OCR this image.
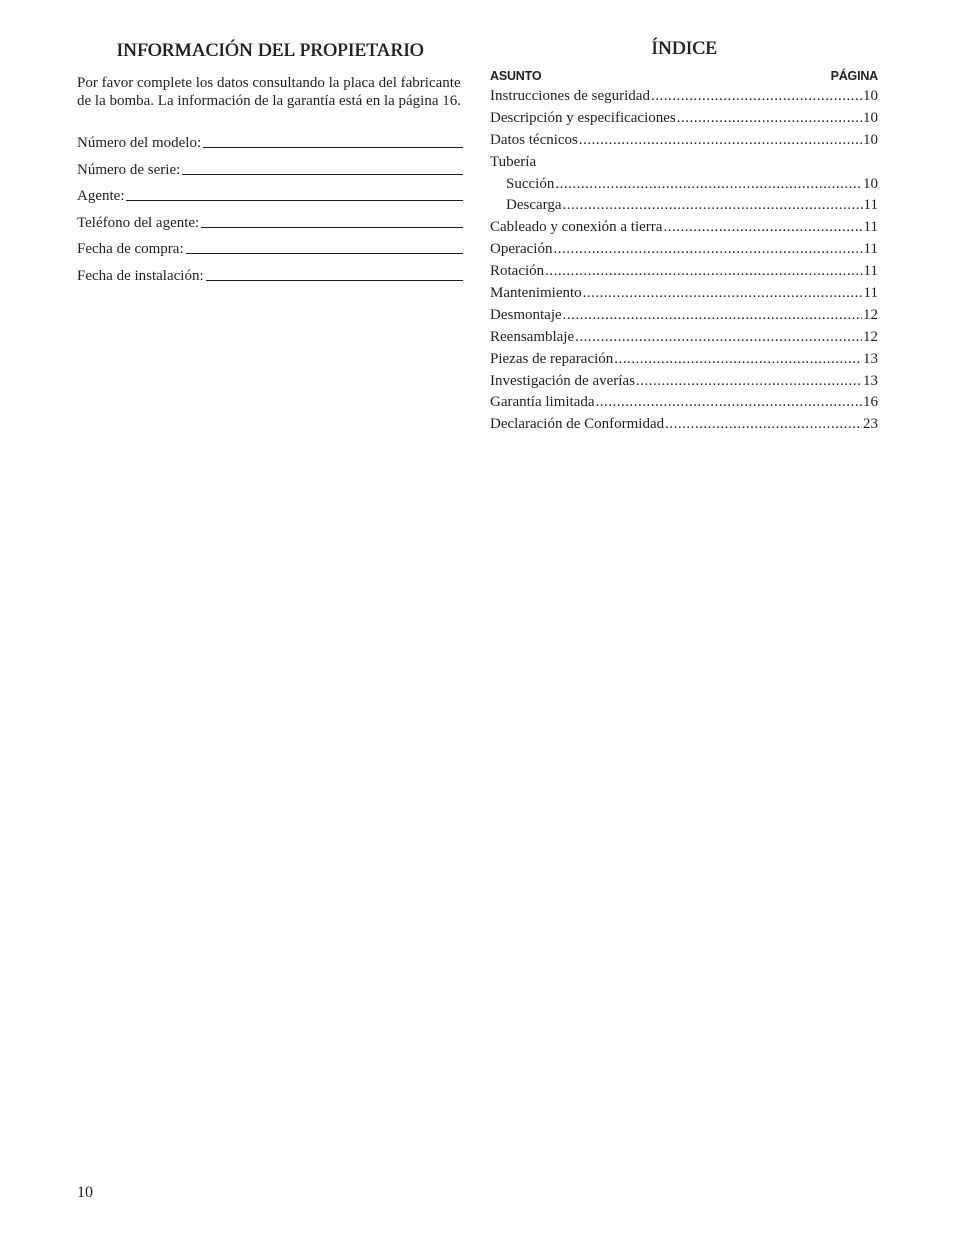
INFORMACIÓN DEL PROPIETARIO

Por favor complete los datos consultando la placa del fabricante de la bomba. La información de la garantía está en la página 16.

Número del modelo:
Número de serie:
Agente:
Teléfono del agente:
Fecha de compra:
Fecha de instalación:
ÍNDICE
ASUNTO	PÁGINA
Instrucciones de seguridad .....	10
Descripción y especificaciones .....	10
Datos técnicos .....	10
Tubería
Succión .....	10
Descarga .....	11
Cableado y conexión a tierra .....	11
Operación .....	11
Rotación .....	11
Mantenimiento .....	11
Desmontaje .....	12
Reensamblaje .....	12
Piezas de reparación .....	13
Investigación de averías .....	13
Garantía limitada .....	16
Declaración de Conformidad .....	23
10
